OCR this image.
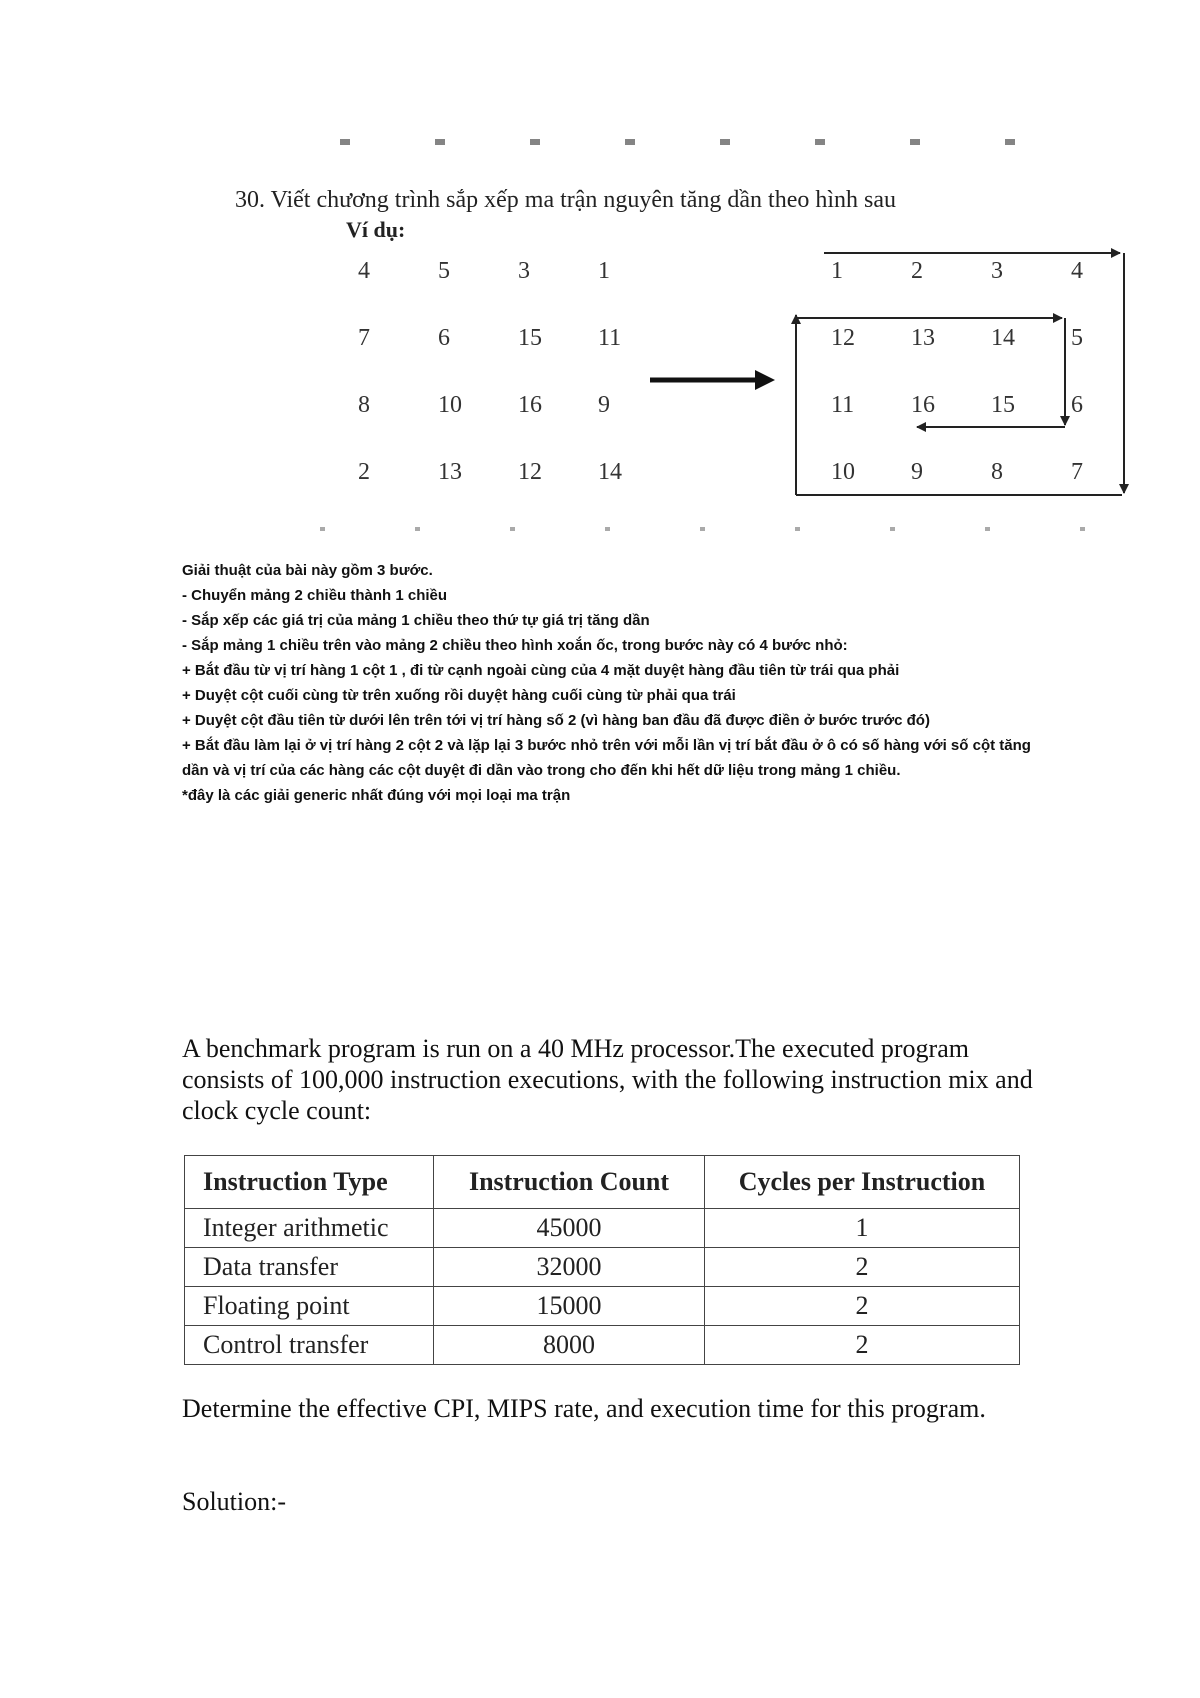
30. Viết chương trình sắp xếp ma trận nguyên tăng dần theo hình sau
Ví dụ:
4	5	3	1
7	6	15 11
8	10 16 9
2	13 12 14
1	2	3	4
12 13 14 5
11 16 15 6
10 9	8	7

Giải thuật của bài này gồm 3 bước.

- Chuyển mảng 2 chiều thành 1 chiều

- Sắp xếp các giá trị của mảng 1 chiều theo thứ tự giá trị tăng dần

- Sắp mảng 1 chiều trên vào mảng 2 chiều theo hình xoắn ốc, trong bước này có 4 bước nhỏ:

+ Bắt đầu từ vị trí hàng 1 cột 1 , đi từ cạnh ngoài cùng của 4 mặt duyệt hàng đầu tiên từ trái qua phải

+ Duyệt cột cuối cùng từ trên xuống rồi duyệt hàng cuối cùng từ phải qua trái

+ Duyệt cột đầu tiên từ dưới lên trên tới vị trí hàng số 2 (vì hàng ban đầu đã được điền ở bước trước đó)

+ Bắt đầu làm lại ở vị trí hàng 2 cột 2 và lặp lại 3 bước nhỏ trên với mỗi lần vị trí bắt đầu ở ô có số hàng với số cột tăng dần và vị trí của các hàng các cột duyệt đi dần vào trong cho đến khi hết dữ liệu trong mảng 1 chiều.

*đây là các giải generic nhất đúng với mọi loại ma trận

A benchmark program is run on a 40 MHz processor.The executed program consists of 100,000 instruction executions, with the following instruction mix and clock cycle count:

Instruction Type	Instruction Count	Cycles per Instruction
Integer arithmetic	45000	1
Data transfer	32000	2
Floating point	15000	2
Control transfer	8000	2
Determine the effective CPI, MIPS rate, and execution time for this program.
Solution:-
